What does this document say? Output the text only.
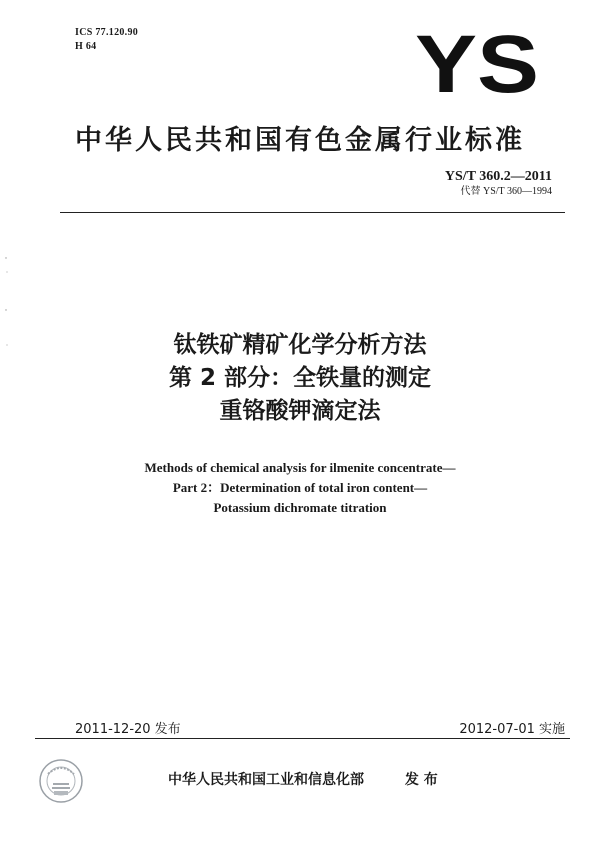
ICS 77.120.90
H 64	YS
中华人民共和国有色金属行业标准
YS/T 360.2—2011
代替 YS/T 360—1994
钛铁矿精矿化学分析方法
第 2 部分：全铁量的测定
重铬酸钾滴定法
Methods of chemical analysis for ilmenite concentrate—
Part 2：Determination of total iron content—
Potassium dichromate titration
2011-12-20 发布	2012-07-01 实施
中华人民共和国工业和信息化部	发 布
